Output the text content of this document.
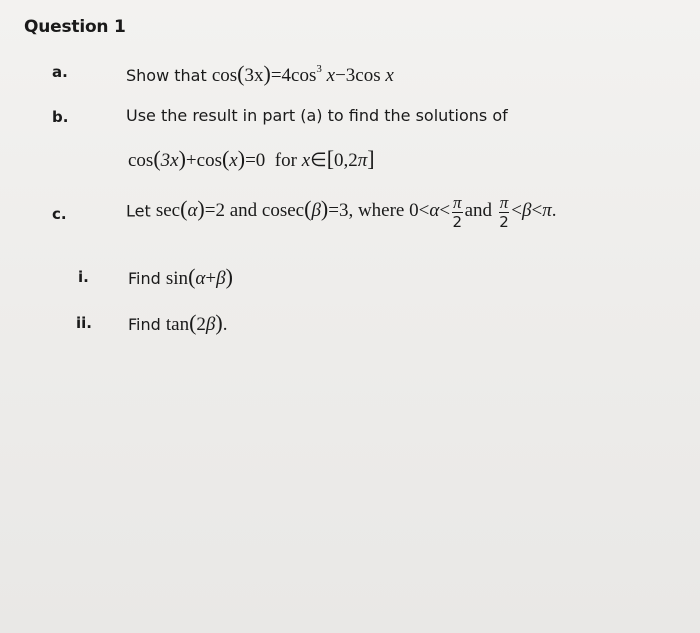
Question 1
a.	Show that $\cos(3x)=4\cos^3$ x−3cos x
b.	Use the result in part (a) to find the solutions of
cos(3x)+cos(x)=0 for x∈[0,2π]
c.	Let sec(α)=2 and cosec(β)=3, where $0<\alpha< \frac{\pi}{2}$ and $\frac{\pi}{2} <\beta<\pi$.
i. Find sin(α+β)
ii. Find tan(2β).
